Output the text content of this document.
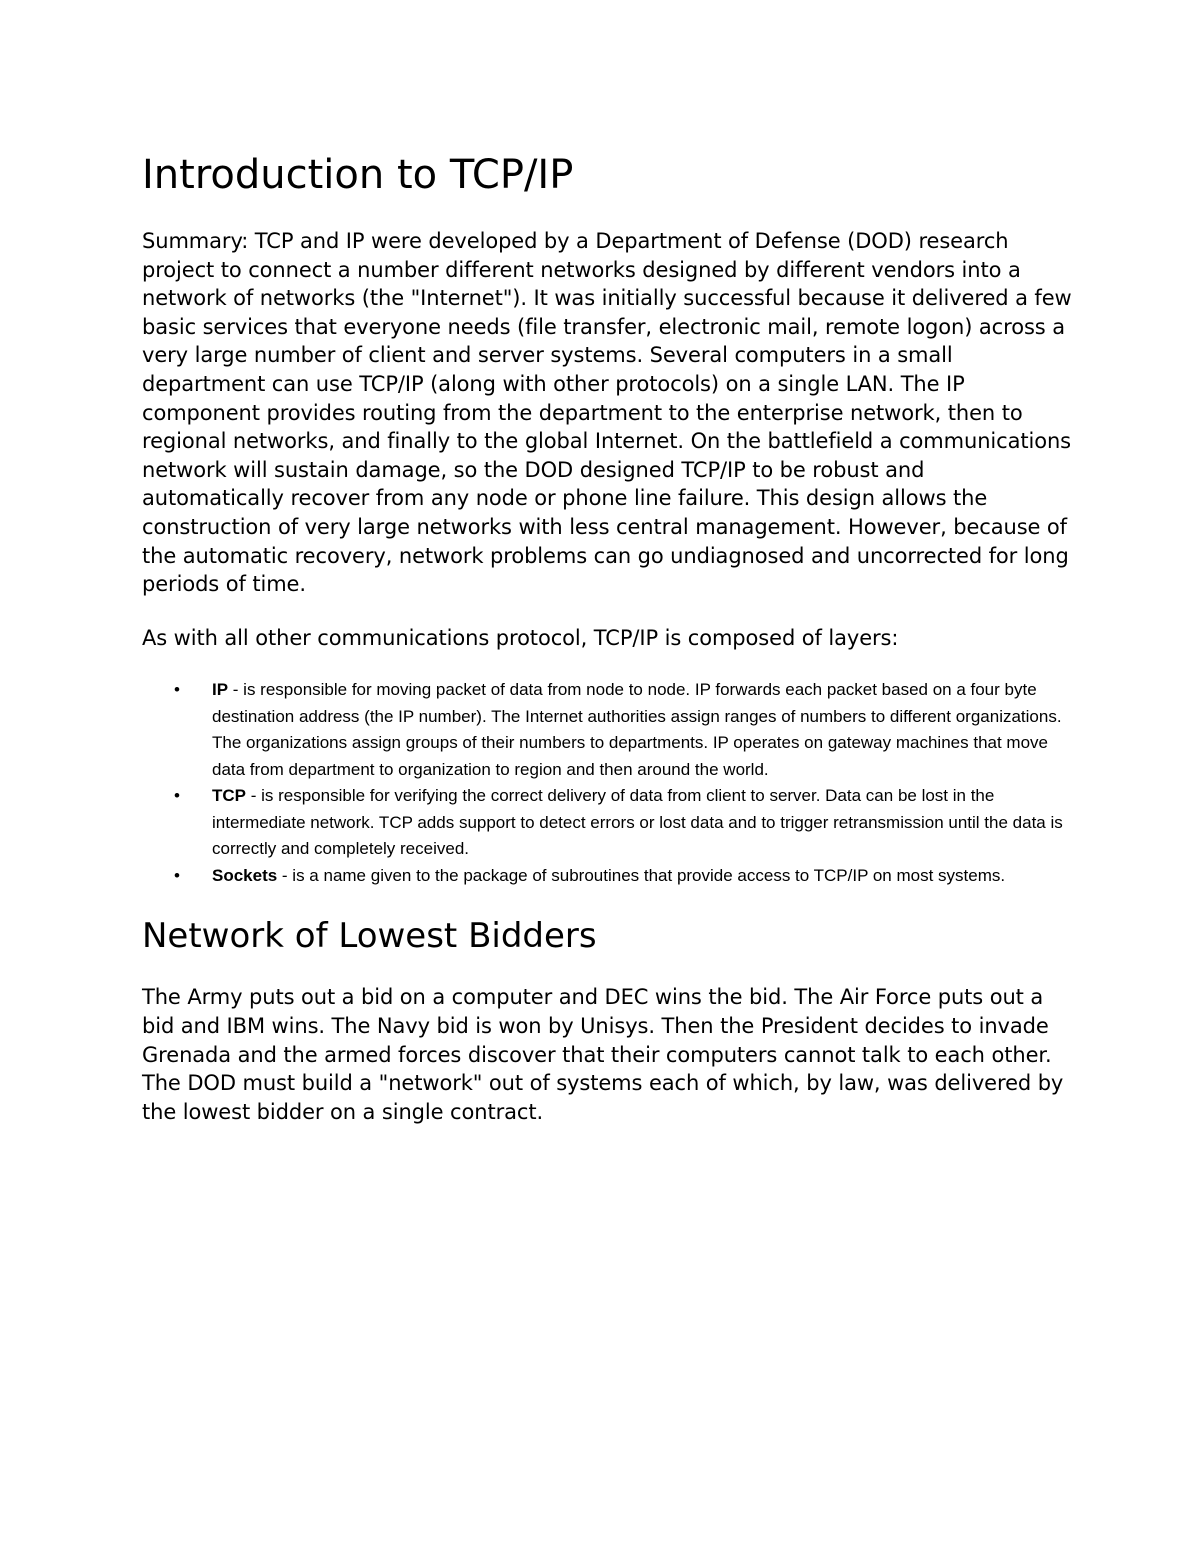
Introduction to TCP/IP

Summary: TCP and IP were developed by a Department of Defense (DOD) research project to connect a number different networks designed by different vendors into a network of networks (the "Internet"). It was initially successful because it delivered a few basic services that everyone needs (file transfer, electronic mail, remote logon) across a very large number of client and server systems. Several computers in a small department can use TCP/IP (along with other protocols) on a single LAN. The IP component provides routing from the department to the enterprise network, then to regional networks, and finally to the global Internet. On the battlefield a communications network will sustain damage, so the DOD designed TCP/IP to be robust and automatically recover from any node or phone line failure. This design allows the construction of very large networks with less central management. However, because of the automatic recovery, network problems can go undiagnosed and uncorrected for long periods of time.

As with all other communications protocol, TCP/IP is composed of layers:

• IP - is responsible for moving packet of data from node to node. IP forwards each packet based on a four byte destination address (the IP number). The Internet authorities assign ranges of numbers to different organizations. The organizations assign groups of their numbers to departments. IP operates on gateway machines that move data from department to organization to region and then around the world.
• TCP - is responsible for verifying the correct delivery of data from client to server. Data can be lost in the intermediate network. TCP adds support to detect errors or lost data and to trigger retransmission until the data is correctly and completely received.
• Sockets - is a name given to the package of subroutines that provide access to TCP/IP on most systems.
Network of Lowest Bidders

The Army puts out a bid on a computer and DEC wins the bid. The Air Force puts out a bid and IBM wins. The Navy bid is won by Unisys. Then the President decides to invade Grenada and the armed forces discover that their computers cannot talk to each other. The DOD must build a "network" out of systems each of which, by law, was delivered by the lowest bidder on a single contract.
